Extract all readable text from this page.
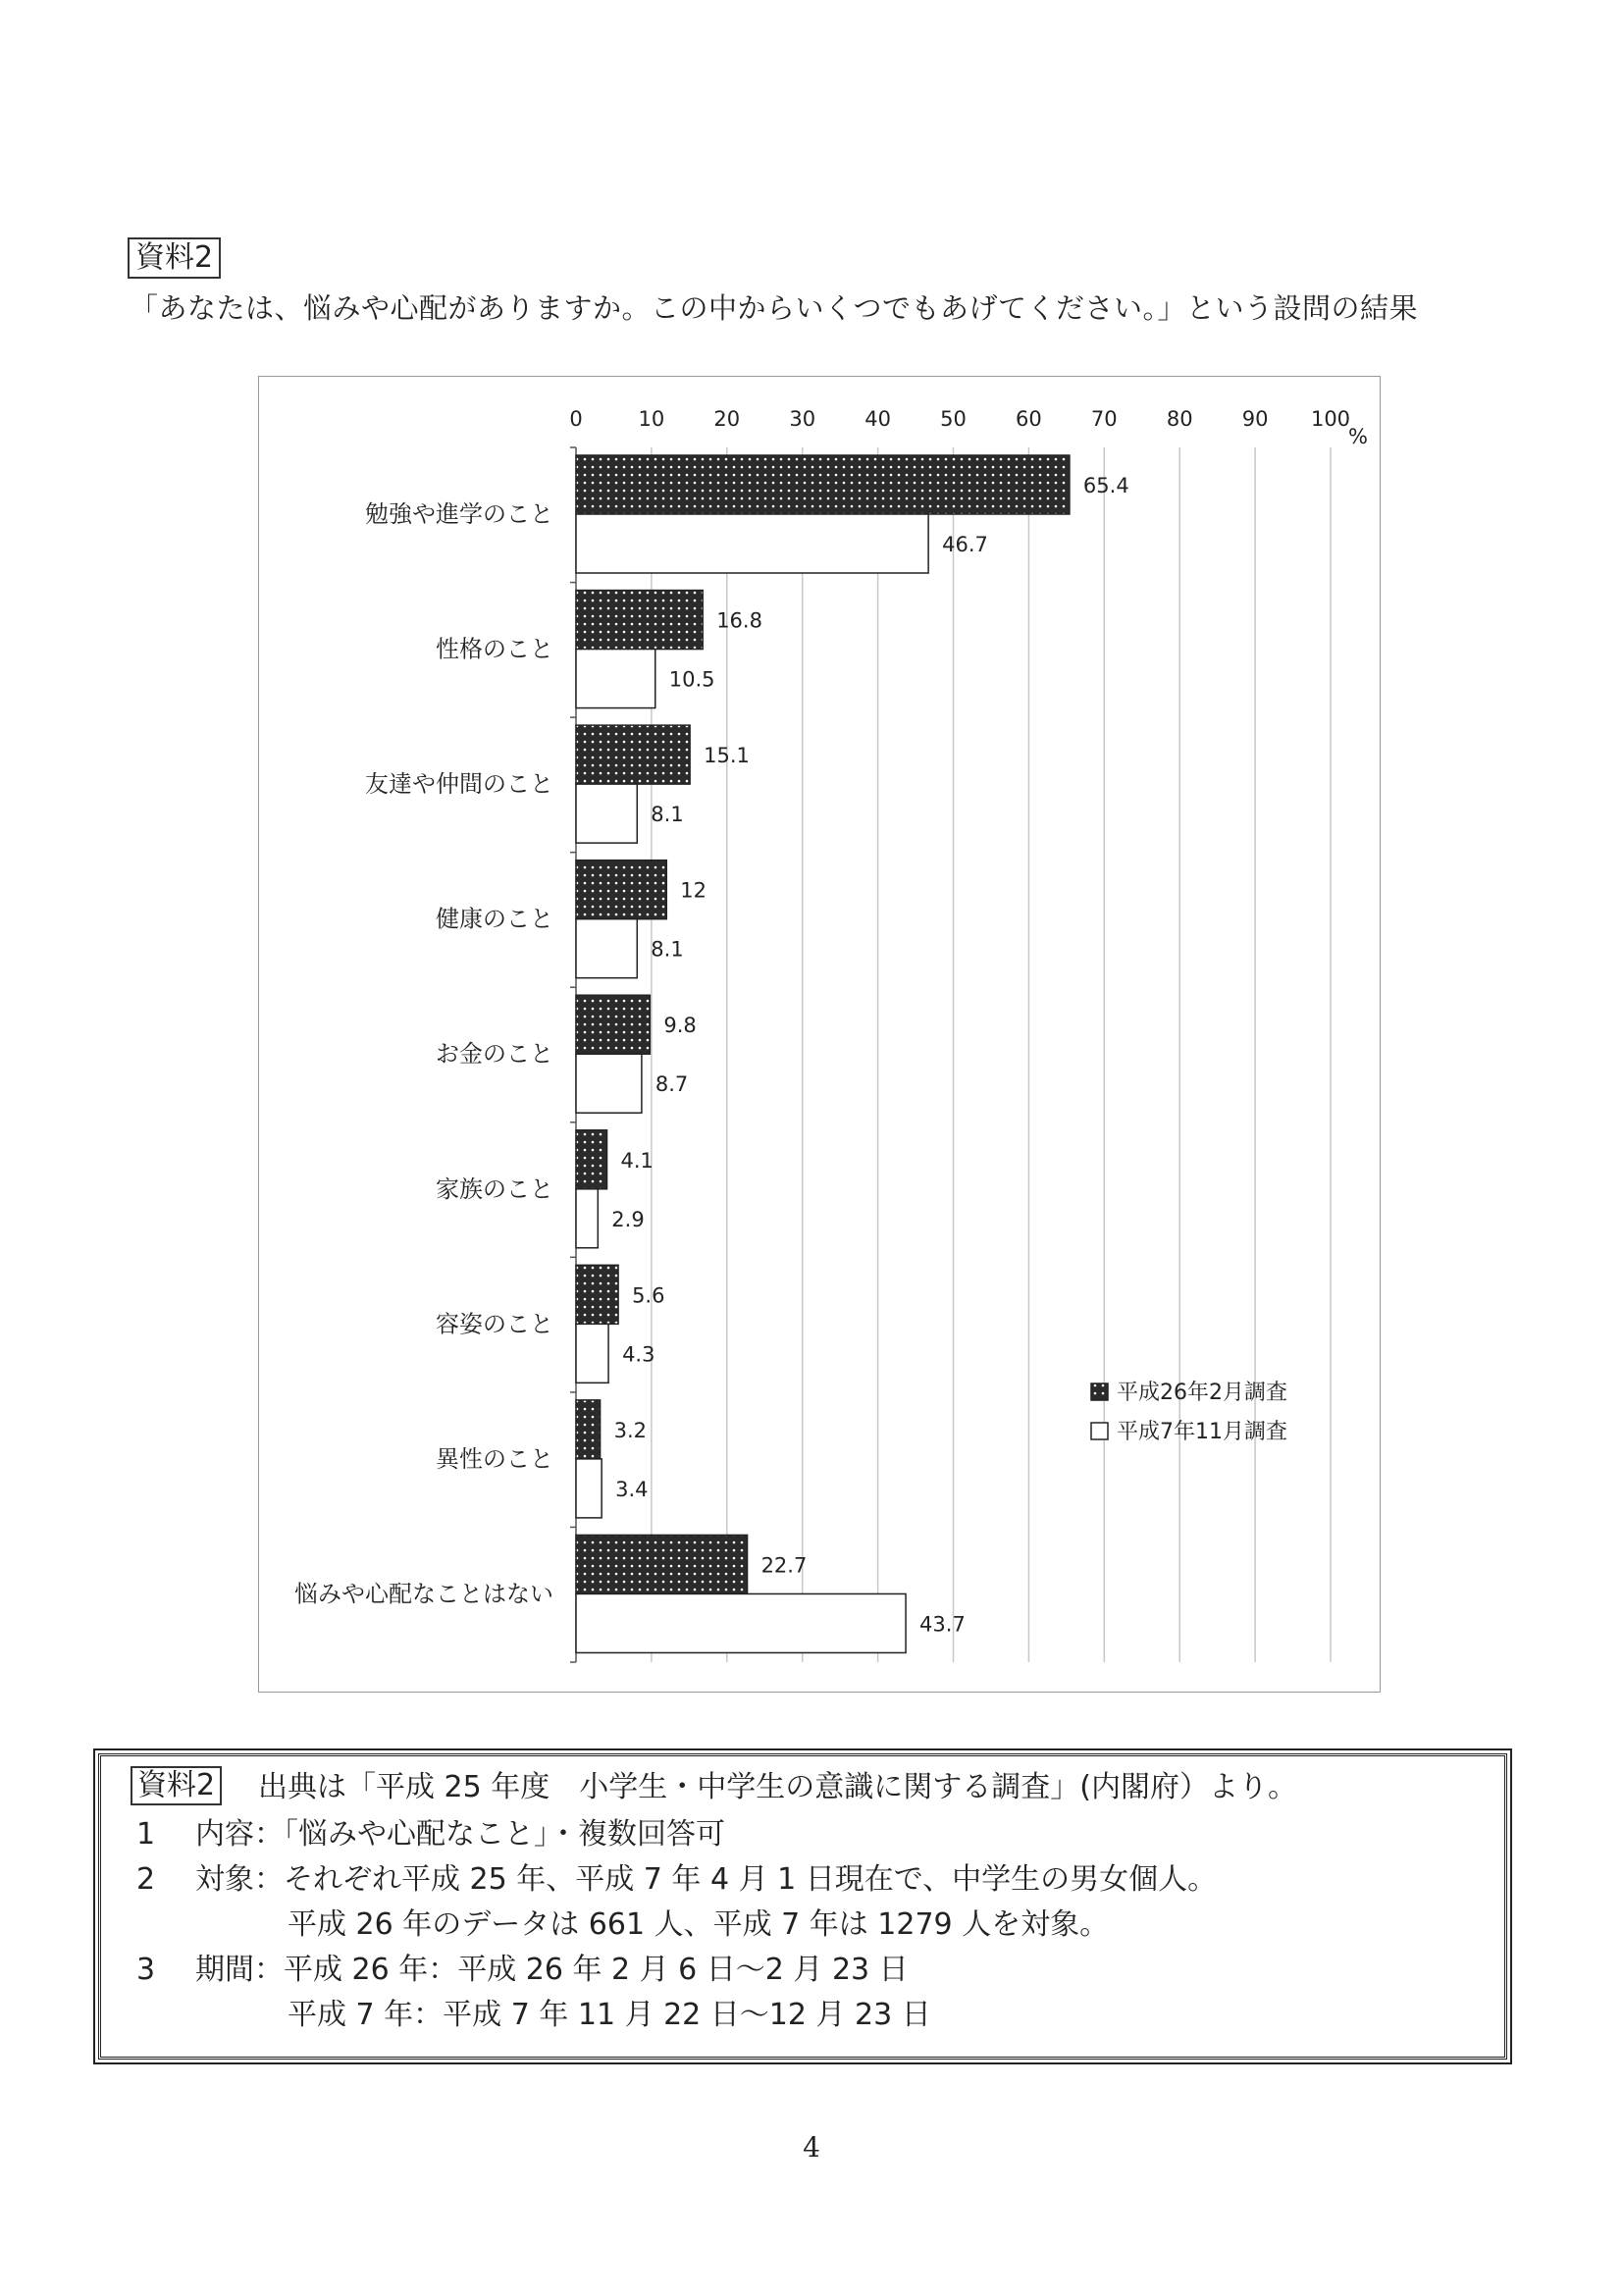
資料2
「あなたは、悩みや心配がありますか。この中からいくつでもあげてください。」という設問の結果
0	10 20 30 40 50 60 70 80 90 100
%
勉強や進学のこと
65.4
46.7
性格のこと
16.8
10.5
友達や仲間のこと
15.1
8.1
健康のこと
12
8.1
お金のこと
9.8
8.7
家族のこと
4.1
2.9
容姿のこと
5.6
4.3
異性のこと
3.2
3.4
悩みや心配なことはない
22.7
43.7
平成26年2月調査
平成7年11月調査
資料2 出典は「平成 25 年度　小学生・中学生の意識に関する調査」(内閣府）より。
1 内容：「悩みや心配なこと」・複数回答可
2 対象：それぞれ平成 25 年、平成 7 年 4 月 1 日現在で、中学生の男女個人。
平成 26 年のデータは 661 人、平成 7 年は 1279 人を対象。
3 期間：平成 26 年：平成 26 年 2 月 6 日～2 月 23 日
平成 7 年：平成 7 年 11 月 22 日～12 月 23 日
4
